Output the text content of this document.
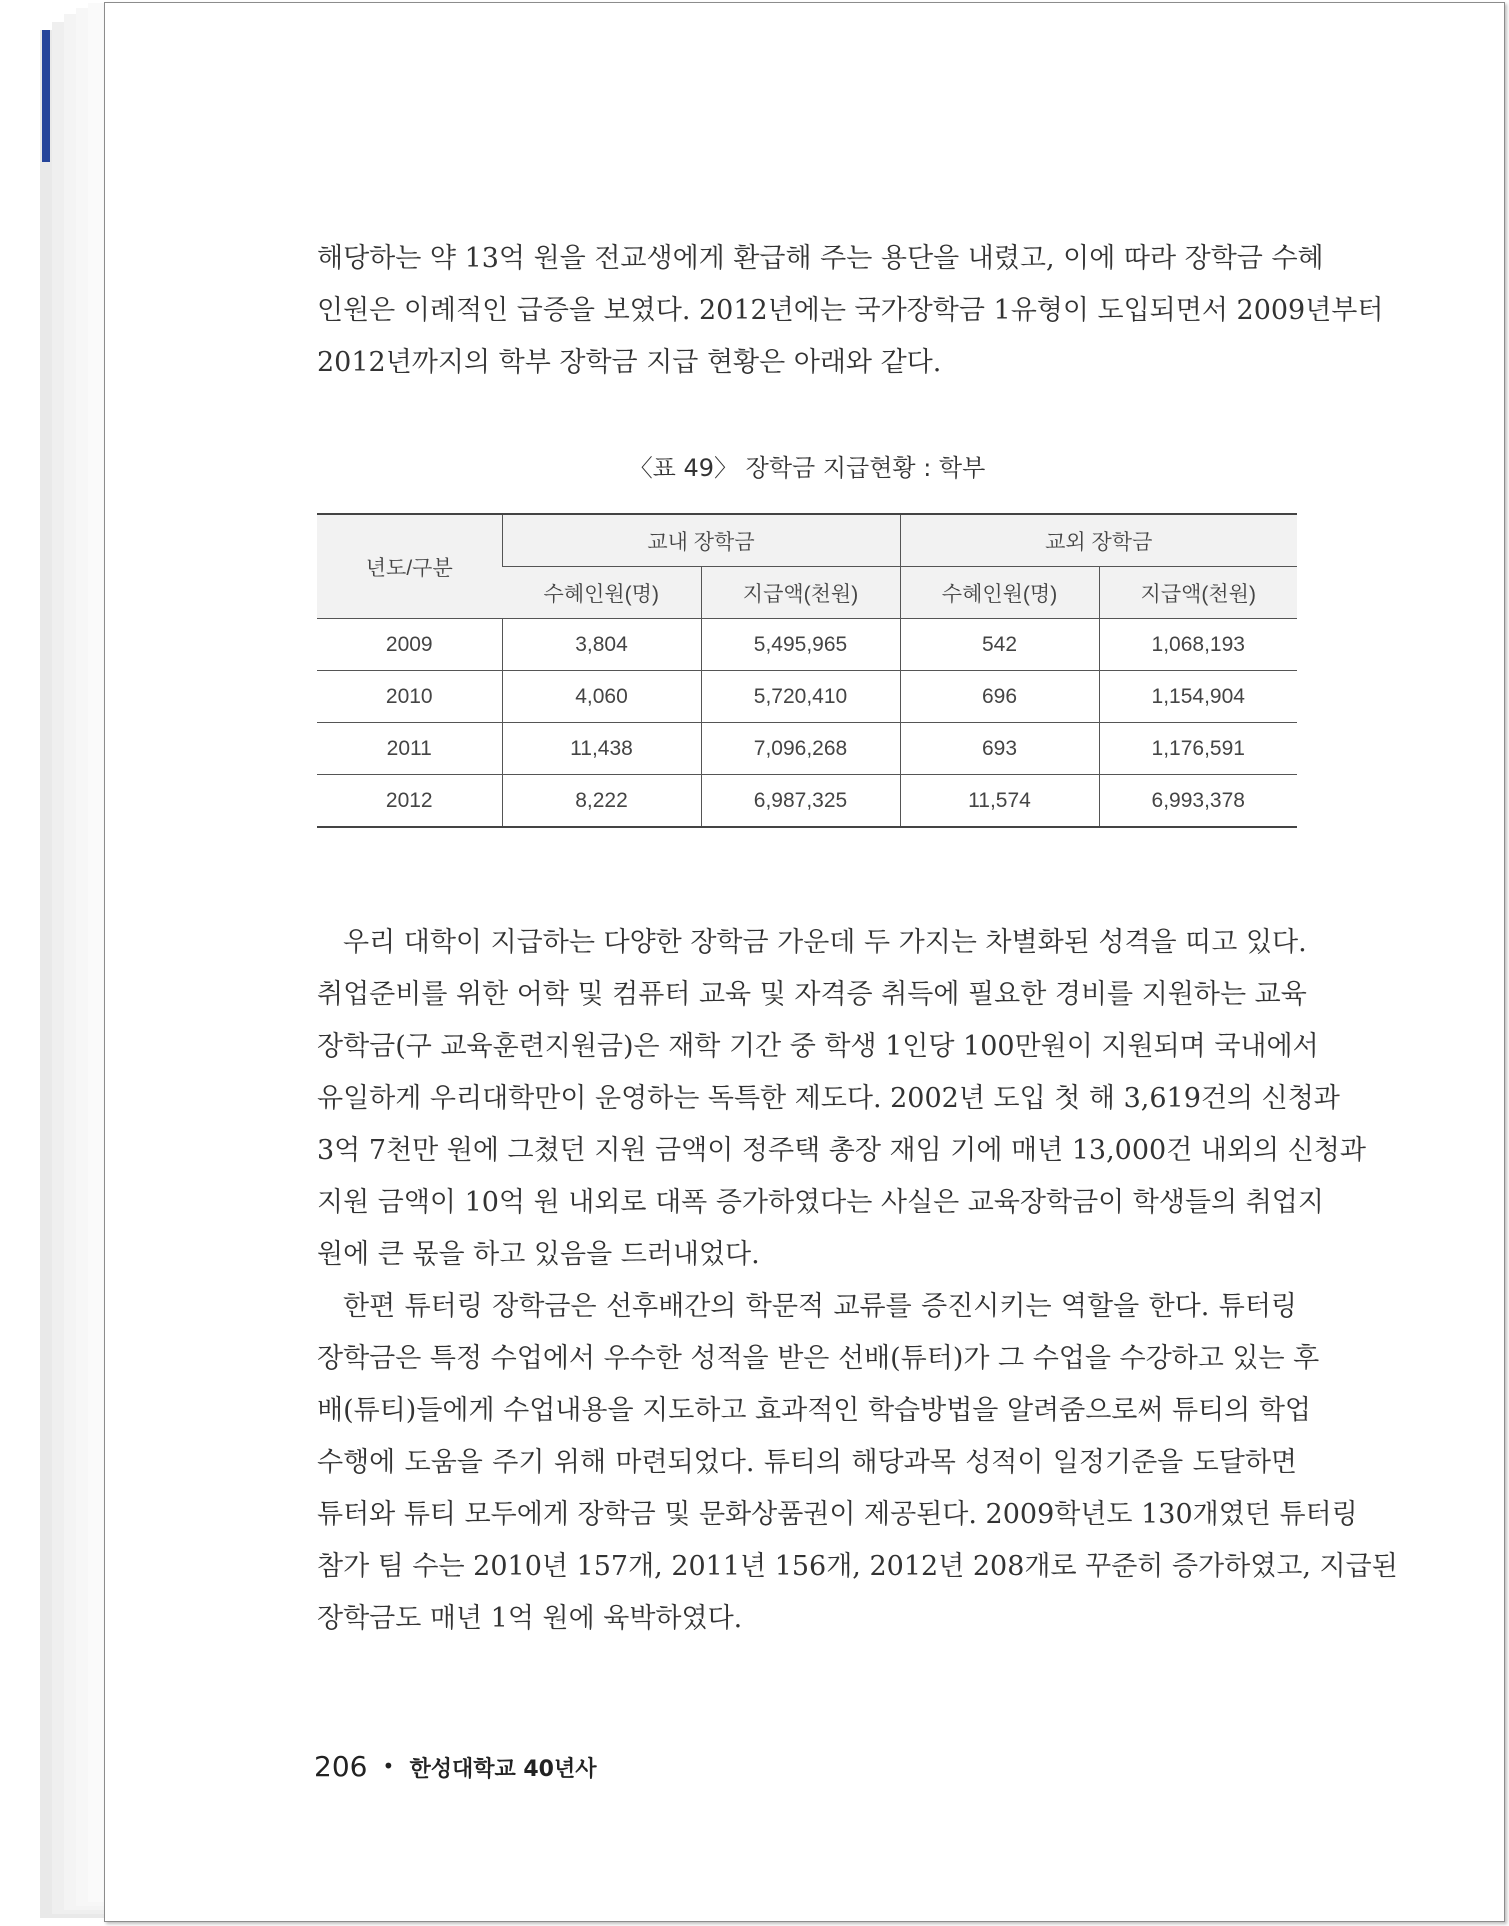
해당하는 약 13억 원을 전교생에게 환급해 주는 용단을 내렸고, 이에 따라 장학금 수혜
인원은 이례적인 급증을 보였다. 2012년에는 국가장학금 1유형이 도입되면서 2009년부터
2012년까지의 학부 장학금 지급 현황은 아래와 같다.

〈표 49〉 장학금 지급현황 : 학부
년도/구분	교내 장학금		교외 장학금	
	수혜인원(명)	지급액(천원)	수혜인원(명)	지급액(천원)
2009	3,804	5,495,965	542	1,068,193
2010	4,060	5,720,410	696	1,154,904
2011	11,438	7,096,268	693	1,176,591
2012	8,222	6,987,325	11,574	6,993,378

우리 대학이 지급하는 다양한 장학금 가운데 두 가지는 차별화된 성격을 띠고 있다.
취업준비를 위한 어학 및 컴퓨터 교육 및 자격증 취득에 필요한 경비를 지원하는 교육
장학금(구 교육훈련지원금)은 재학 기간 중 학생 1인당 100만원이 지원되며 국내에서
유일하게 우리대학만이 운영하는 독특한 제도다. 2002년 도입 첫 해 3,619건의 신청과
3억 7천만 원에 그쳤던 지원 금액이 정주택 총장 재임 기에 매년 13,000건 내외의 신청과
지원 금액이 10억 원 내외로 대폭 증가하였다는 사실은 교육장학금이 학생들의 취업지
원에 큰 몫을 하고 있음을 드러내었다.

한편 튜터링 장학금은 선후배간의 학문적 교류를 증진시키는 역할을 한다. 튜터링
장학금은 특정 수업에서 우수한 성적을 받은 선배(튜터)가 그 수업을 수강하고 있는 후
배(튜티)들에게 수업내용을 지도하고 효과적인 학습방법을 알려줌으로써 튜티의 학업
수행에 도움을 주기 위해 마련되었다. 튜티의 해당과목 성적이 일정기준을 도달하면
튜터와 튜티 모두에게 장학금 및 문화상품권이 제공된다. 2009학년도 130개였던 튜터링
참가 팀 수는 2010년 157개, 2011년 156개, 2012년 208개로 꾸준히 증가하였고, 지급된
장학금도 매년 1억 원에 육박하였다.

206 • 한성대학교 40년사
